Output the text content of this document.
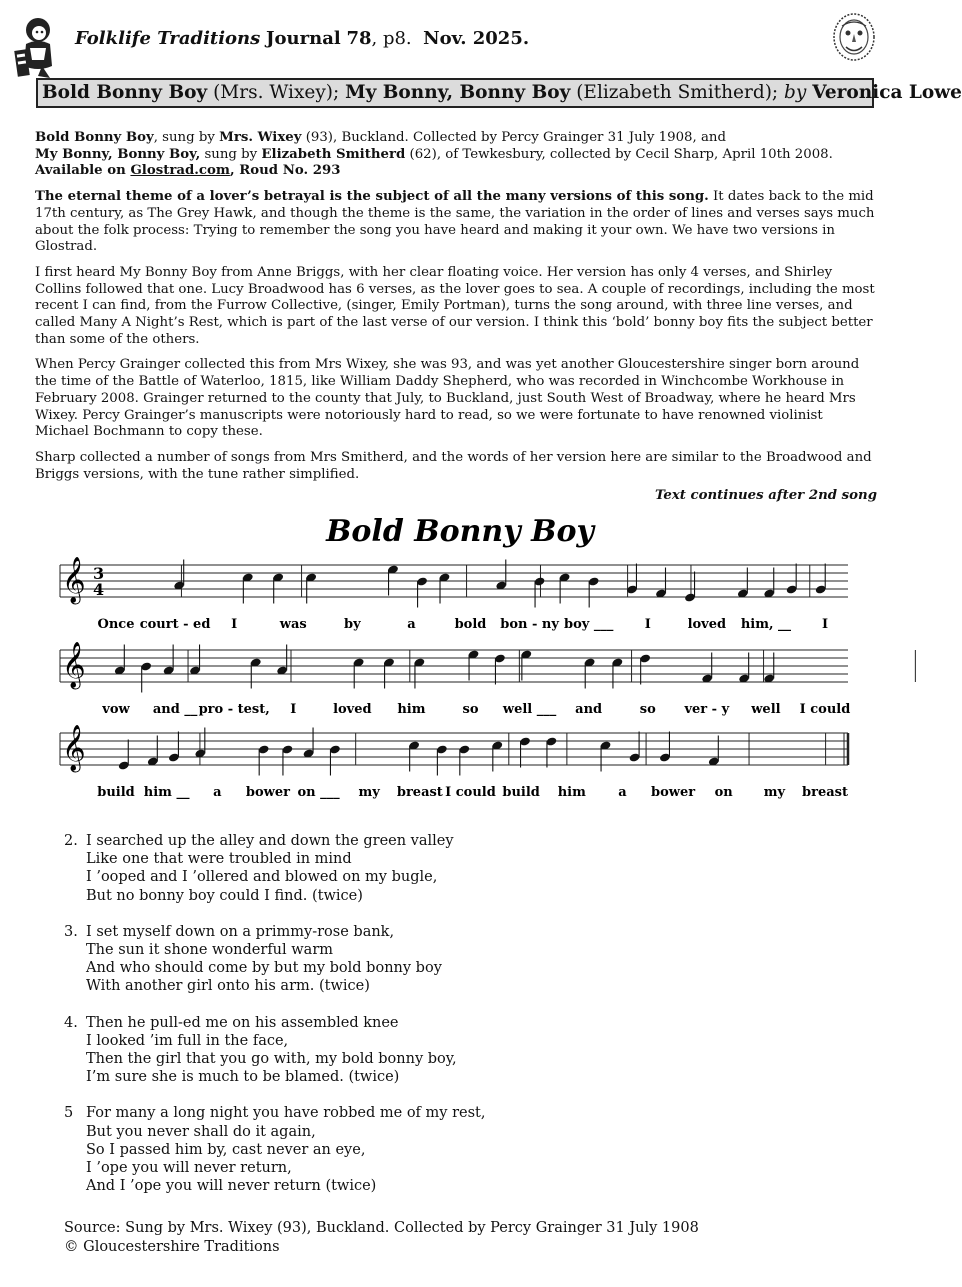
Folklife Traditions Journal 78, p8. Nov. 2025.
Bold Bonny Boy (Mrs. Wixey); My Bonny, Bonny Boy (Elizabeth Smitherd); by Veronica Lowe

Bold Bonny Boy, sung by Mrs. Wixey (93), Buckland. Collected by Percy Grainger 31 July 1908, and
My Bonny, Bonny Boy, sung by Elizabeth Smitherd (62), of Tewkesbury, collected by Cecil Sharp, April 10th 2008.
Available on Glostrad.com, Roud No. 293

The eternal theme of a lover’s betrayal is the subject of all the many versions of this song. It dates back to the mid 17th century, as The Grey Hawk, and though the theme is the same, the variation in the order of lines and verses says much about the folk process: Trying to remember the song you have heard and making it your own. We have two versions in Glostrad.

I first heard My Bonny Boy from Anne Briggs, with her clear floating voice. Her version has only 4 verses, and Shirley Collins followed that one. Lucy Broadwood has 6 verses, as the lover goes to sea. A couple of recordings, including the most recent I can find, from the Furrow Collective, (singer, Emily Portman), turns the song around, with three line verses, and called Many A Night’s Rest, which is part of the last verse of our version. I think this ‘bold’ bonny boy fits the subject better than some of the others.

When Percy Grainger collected this from Mrs Wixey, she was 93, and was yet another Gloucestershire singer born around the time of the Battle of Waterloo, 1815, like William Daddy Shepherd, who was recorded in Winchcombe Workhouse in February 2008. Grainger returned to the county that July, to Buckland, just South West of Broadway, where he heard Mrs Wixey. Percy Grainger’s manuscripts were notoriously hard to read, so we were fortunate to have renowned violinist Michael Bochmann to copy these.

Sharp collected a number of songs from Mrs Smitherd, and the words of her version here are similar to the Broadwood and Briggs versions, with the tune rather simplified.

Text continues after 2nd song
Bold Bonny Boy
𝄞 3
4
Once court - ed I	was	by	a	bold bon - ny boy ___ I	loved him, __ I
𝄞
vow and __ pro - test, I	loved him	so well ___ and	so ver - y well I could
𝄞
build him __ a bower on ___ my breast I could build him a bower on my breast
2. I searched up the alley and down the green valley
Like one that were troubled in mind
I ’ooped and I ’ollered and blowed on my bugle,
But no bonny boy could I find. (twice)
3. I set myself down on a primmy-rose bank,
The sun it shone wonderful warm
And who should come by but my bold bonny boy
With another girl onto his arm. (twice)
4. Then he pull-ed me on his assembled knee
I looked ’im full in the face,
Then the girl that you go with, my bold bonny boy,
I’m sure she is much to be blamed. (twice)
5 For many a long night you have robbed me of my rest,
But you never shall do it again,
So I passed him by, cast never an eye,
I ’ope you will never return,
And I ’ope you will never return (twice)
Source: Sung by Mrs. Wixey (93), Buckland. Collected by Percy Grainger 31 July 1908
© Gloucestershire Traditions
